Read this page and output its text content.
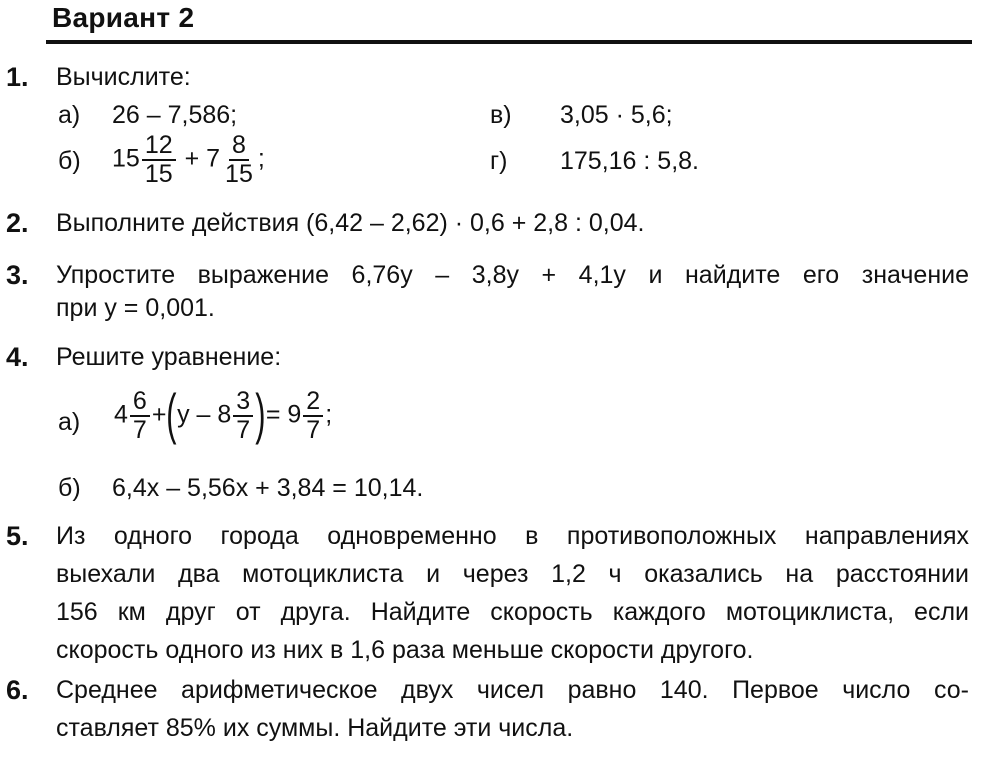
Вариант 2
1. Вычислите:
а) 26 – 7,586;	в) 3,05 · 5,6;
б) $15 \frac{12}{15} + 7 \frac{8}{15}$ ;	г) 175,16 : 5,8.
2. Выполните действия (6,42 – 2,62) · 0,6 + 2,8 : 0,04.
3. Упростите выражение 6,76y – 3,8y + 4,1y и найдите его значение
при y = 0,001.
4. Решите уравнение:
а) $4 \frac{6}{7} +(y - 8 \frac{3}{7}$ )= $9 \frac{2}{7}$ ;
б) 6,4x – 5,56x + 3,84 = 10,14.
5. Из одного города одновременно в противоположных направлениях
выехали два мотоциклиста и через 1,2 ч оказались на расстоянии
156 км друг от друга. Найдите скорость каждого мотоциклиста, если
скорость одного из них в 1,6 раза меньше скорости другого.
6. Среднее арифметическое двух чисел равно 140. Первое число со-
ставляет 85% их суммы. Найдите эти числа.
